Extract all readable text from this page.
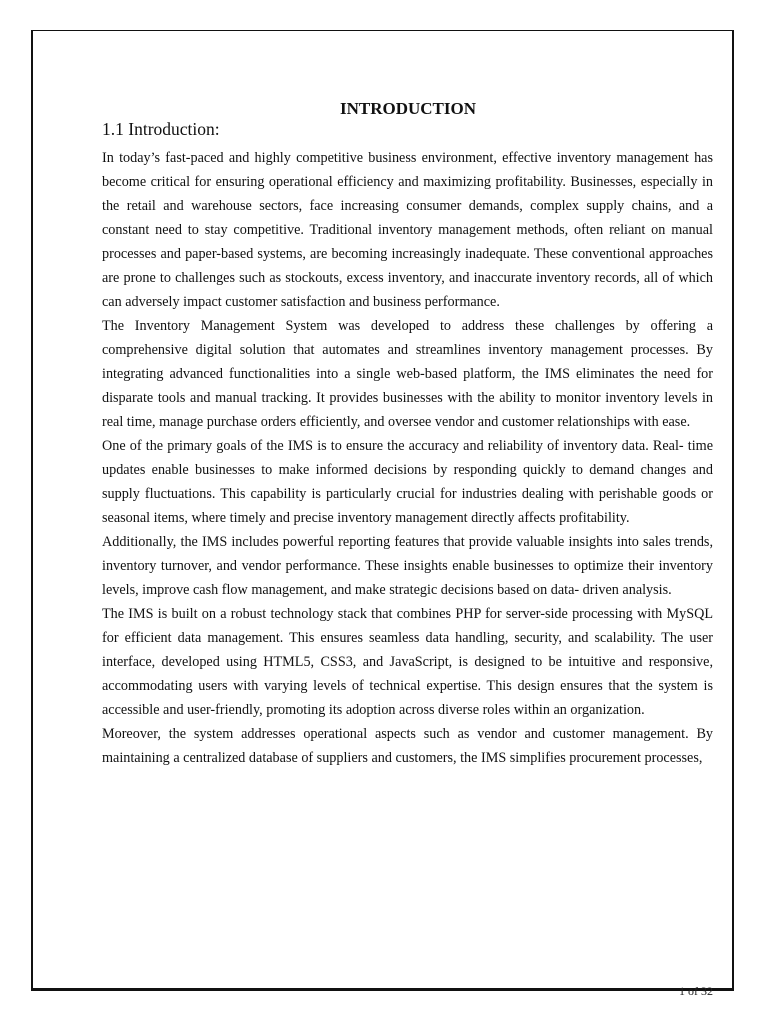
INTRODUCTION
1.1 Introduction:

In today’s fast-paced and highly competitive business environment, effective inventory management has become critical for ensuring operational efficiency and maximizing profitability. Businesses, especially in the retail and warehouse sectors, face increasing consumer demands, complex supply chains, and a constant need to stay competitive. Traditional inventory management methods, often reliant on manual processes and paper-based systems, are becoming increasingly inadequate. These conventional approaches are prone to challenges such as stockouts, excess inventory, and inaccurate inventory records, all of which can adversely impact customer satisfaction and business performance.

The Inventory Management System was developed to address these challenges by offering a comprehensive digital solution that automates and streamlines inventory management processes. By integrating advanced functionalities into a single web-based platform, the IMS eliminates the need for disparate tools and manual tracking. It provides businesses with the ability to monitor inventory levels in real time, manage purchase orders efficiently, and oversee vendor and customer relationships with ease.

One of the primary goals of the IMS is to ensure the accuracy and reliability of inventory data. Real- time updates enable businesses to make informed decisions by responding quickly to demand changes and supply fluctuations. This capability is particularly crucial for industries dealing with perishable goods or seasonal items, where timely and precise inventory management directly affects profitability.

Additionally, the IMS includes powerful reporting features that provide valuable insights into sales trends, inventory turnover, and vendor performance. These insights enable businesses to optimize their inventory levels, improve cash flow management, and make strategic decisions based on data- driven analysis.

The IMS is built on a robust technology stack that combines PHP for server-side processing with MySQL for efficient data management. This ensures seamless data handling, security, and scalability. The user interface, developed using HTML5, CSS3, and JavaScript, is designed to be intuitive and responsive, accommodating users with varying levels of technical expertise. This design ensures that the system is accessible and user-friendly, promoting its adoption across diverse roles within an organization.

Moreover, the system addresses operational aspects such as vendor and customer management. By maintaining a centralized database of suppliers and customers, the IMS simplifies procurement processes,

1 of 32
